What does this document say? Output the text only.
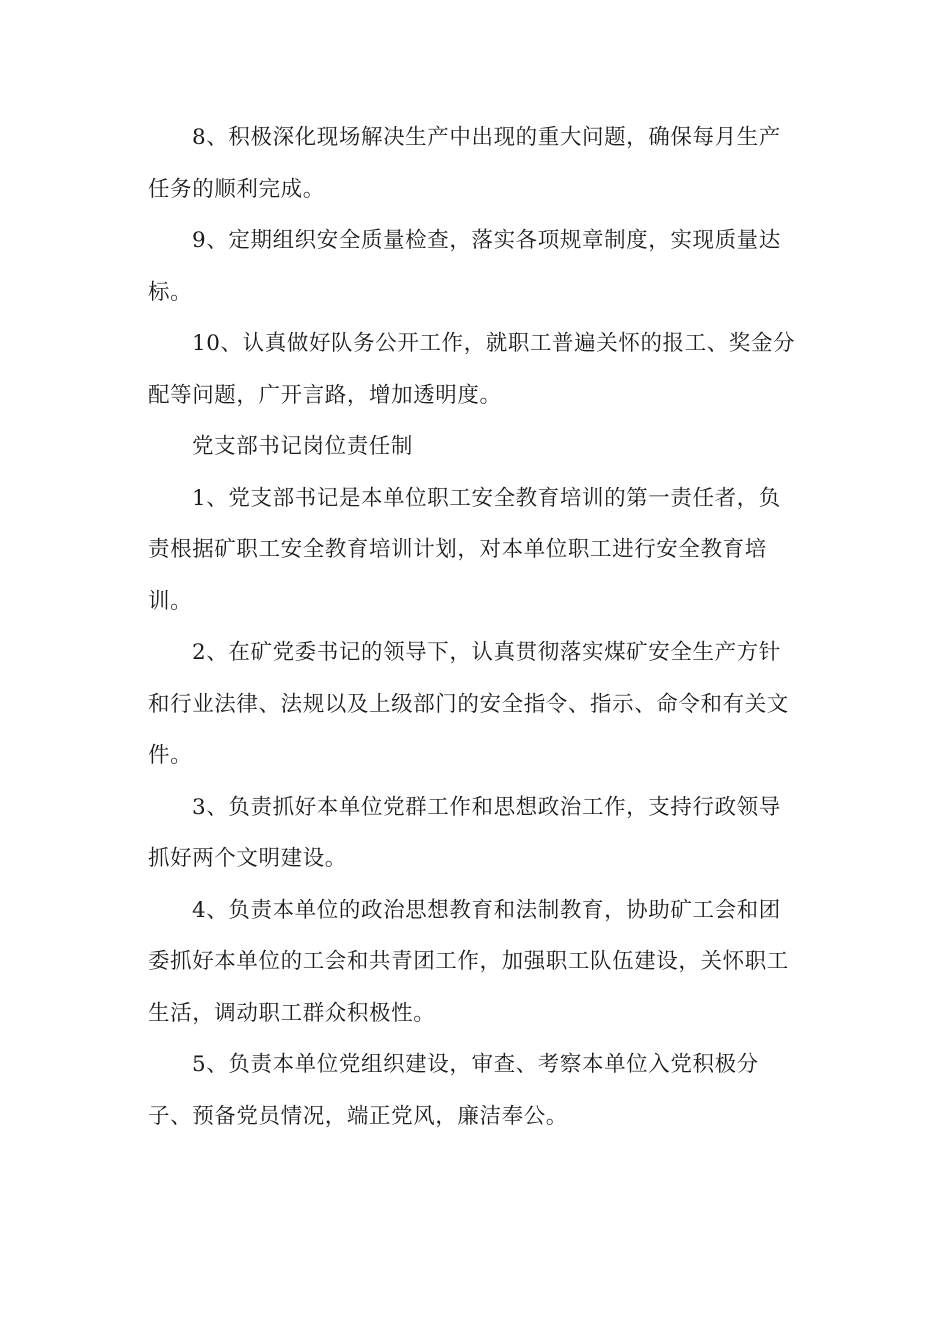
8、积极深化现场解决生产中出现的重大问题，确保每月生产任务的顺利完成。

9、定期组织安全质量检查，落实各项规章制度，实现质量达标。

10、认真做好队务公开工作，就职工普遍关怀的报工、奖金分配等问题，广开言路，增加透明度。

党支部书记岗位责任制

1、党支部书记是本单位职工安全教育培训的第一责任者，负责根据矿职工安全教育培训计划，对本单位职工进行安全教育培训。

2、在矿党委书记的领导下，认真贯彻落实煤矿安全生产方针和行业法律、法规以及上级部门的安全指令、指示、命令和有关文件。

3、负责抓好本单位党群工作和思想政治工作，支持行政领导抓好两个文明建设。

4、负责本单位的政治思想教育和法制教育，协助矿工会和团委抓好本单位的工会和共青团工作，加强职工队伍建设，关怀职工生活，调动职工群众积极性。

5、负责本单位党组织建设，审查、考察本单位入党积极分子、预备党员情况，端正党风，廉洁奉公。
